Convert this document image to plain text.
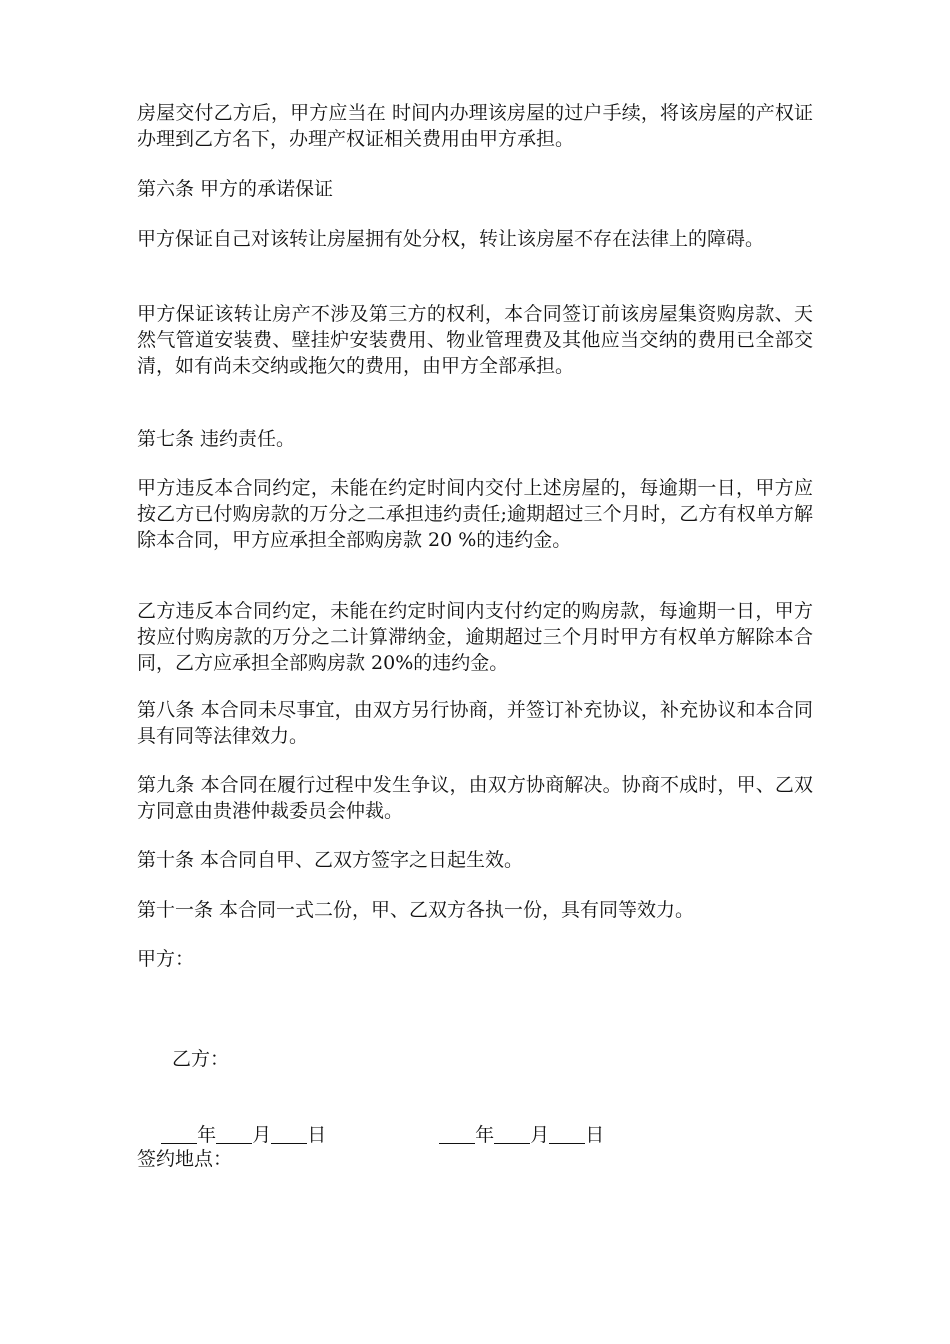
房屋交付乙方后，甲方应当在 时间内办理该房屋的过户手续，将该房屋的产权证办理到乙方名下，办理产权证相关费用由甲方承担。

第六条 甲方的承诺保证

甲方保证自己对该转让房屋拥有处分权，转让该房屋不存在法律上的障碍。

甲方保证该转让房产不涉及第三方的权利，本合同签订前该房屋集资购房款、天然气管道安装费、壁挂炉安装费用、物业管理费及其他应当交纳的费用已全部交清，如有尚未交纳或拖欠的费用，由甲方全部承担。

第七条 违约责任。

甲方违反本合同约定，未能在约定时间内交付上述房屋的，每逾期一日，甲方应按乙方已付购房款的万分之二承担违约责任;逾期超过三个月时，乙方有权单方解除本合同，甲方应承担全部购房款 20 %的违约金。

乙方违反本合同约定，未能在约定时间内支付约定的购房款，每逾期一日，甲方按应付购房款的万分之二计算滞纳金，逾期超过三个月时甲方有权单方解除本合同，乙方应承担全部购房款 20%的违约金。

第八条 本合同未尽事宜，由双方另行协商，并签订补充协议，补充协议和本合同具有同等法律效力。

第九条 本合同在履行过程中发生争议，由双方协商解决。协商不成时，甲、乙双方同意由贵港仲裁委员会仲裁。

第十条 本合同自甲、乙双方签字之日起生效。

第十一条 本合同一式二份，甲、乙双方各执一份，具有同等效力。

甲方：

乙方：

年 月 日
	年 月 日

签约地点：
